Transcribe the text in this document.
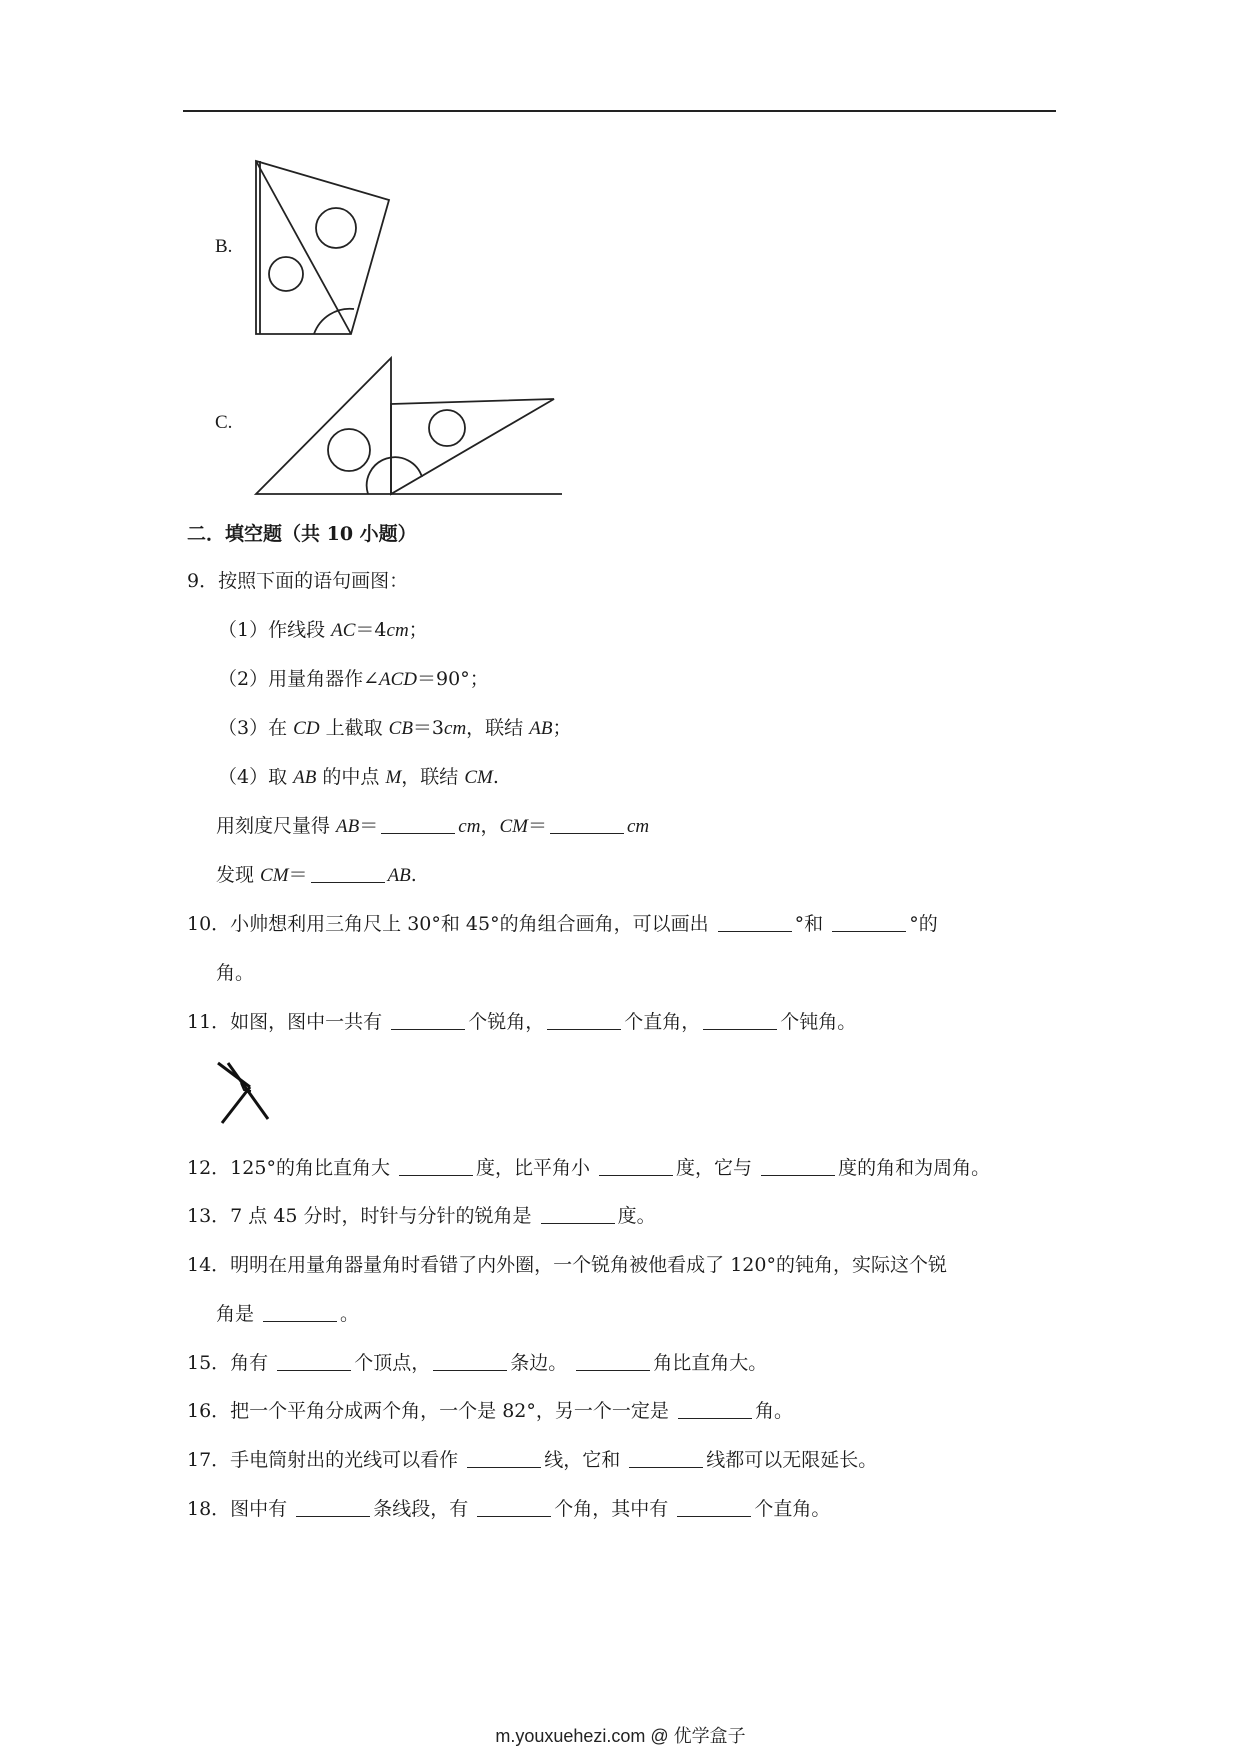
B.
C.
二．填空题（共 10 小题）
9．按照下面的语句画图：
（1）作线段 AC＝4cm；
（2）用量角器作∠ACD＝90°；
（3）在 CD 上截取 CB＝3cm，联结 AB；
（4）取 AB 的中点 M，联结 CM.
用刻度尺量得 AB＝	cm，CM＝	cm
发现 CM＝	AB.
10．小帅想利用三角尺上 30°和 45°的角组合画角，可以画出	°和	°的
角。
11．如图，图中一共有	个锐角，	个直角，	个钝角。
12．125°的角比直角大	度，比平角小	度，它与	度的角和为周角。
13．7 点 45 分时，时针与分针的锐角是	度。
14．明明在用量角器量角时看错了内外圈，一个锐角被他看成了 120°的钝角，实际这个锐
角是	。
15．角有	个顶点，	条边。	角比直角大。
16．把一个平角分成两个角，一个是 82°，另一个一定是	角。
17．手电筒射出的光线可以看作	线，它和	线都可以无限延长。
18．图中有	条线段，有	个角，其中有	个直角。
m.youxuehezi.com @ 优学盒子
